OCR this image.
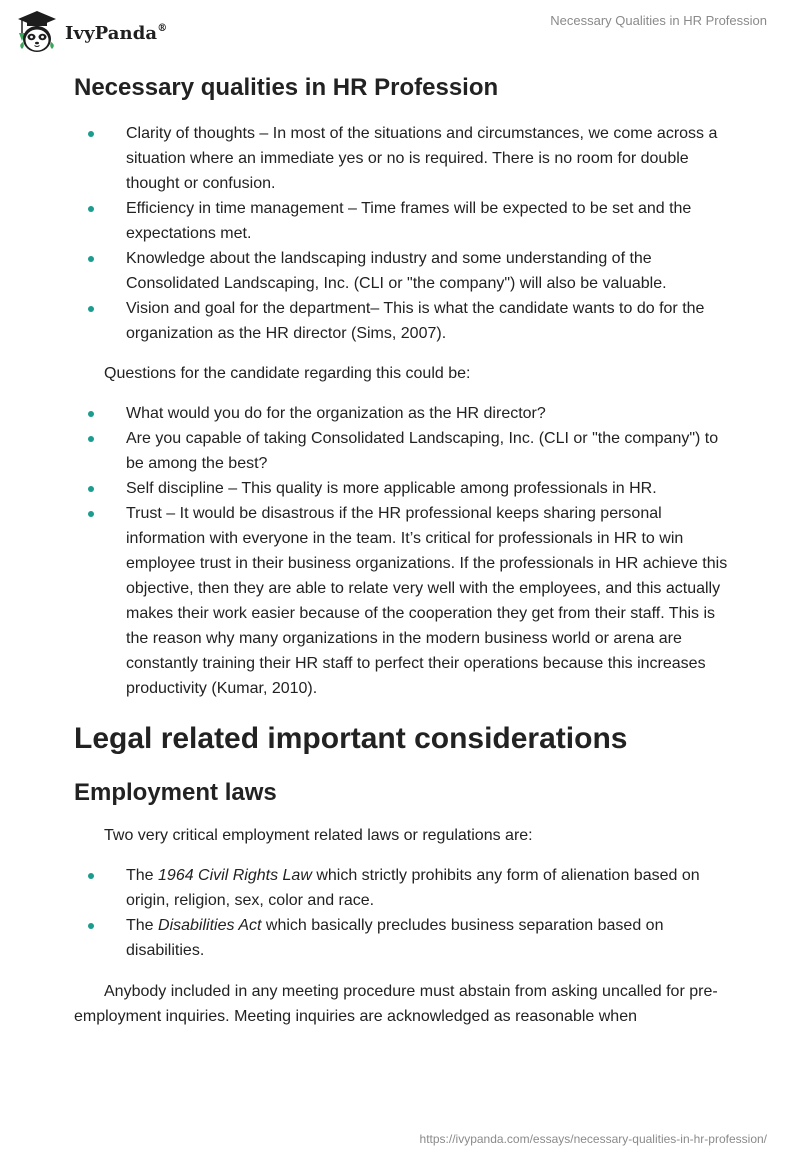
IvyPanda®	Necessary Qualities in HR Profession
Necessary qualities in HR Profession
Clarity of thoughts – In most of the situations and circumstances, we come across a situation where an immediate yes or no is required. There is no room for double thought or confusion.
Efficiency in time management – Time frames will be expected to be set and the expectations met.
Knowledge about the landscaping industry and some understanding of the Consolidated Landscaping, Inc. (CLI or "the company") will also be valuable.
Vision and goal for the department– This is what the candidate wants to do for the organization as the HR director (Sims, 2007).

Questions for the candidate regarding this could be:

What would you do for the organization as the HR director?
Are you capable of taking Consolidated Landscaping, Inc. (CLI or "the company") to be among the best?
Self discipline – This quality is more applicable among professionals in HR.
Trust – It would be disastrous if the HR professional keeps sharing personal information with everyone in the team. It’s critical for professionals in HR to win employee trust in their business organizations. If the professionals in HR achieve this objective, then they are able to relate very well with the employees, and this actually makes their work easier because of the cooperation they get from their staff. This is the reason why many organizations in the modern business world or arena are constantly training their HR staff to perfect their operations because this increases productivity (Kumar, 2010).
Legal related important considerations
Employment laws

Two very critical employment related laws or regulations are:

The 1964 Civil Rights Law which strictly prohibits any form of alienation based on origin, religion, sex, color and race.
The Disabilities Act which basically precludes business separation based on disabilities.

Anybody included in any meeting procedure must abstain from asking uncalled for pre-employment inquiries. Meeting inquiries are acknowledged as reasonable when

https://ivypanda.com/essays/necessary-qualities-in-hr-profession/
